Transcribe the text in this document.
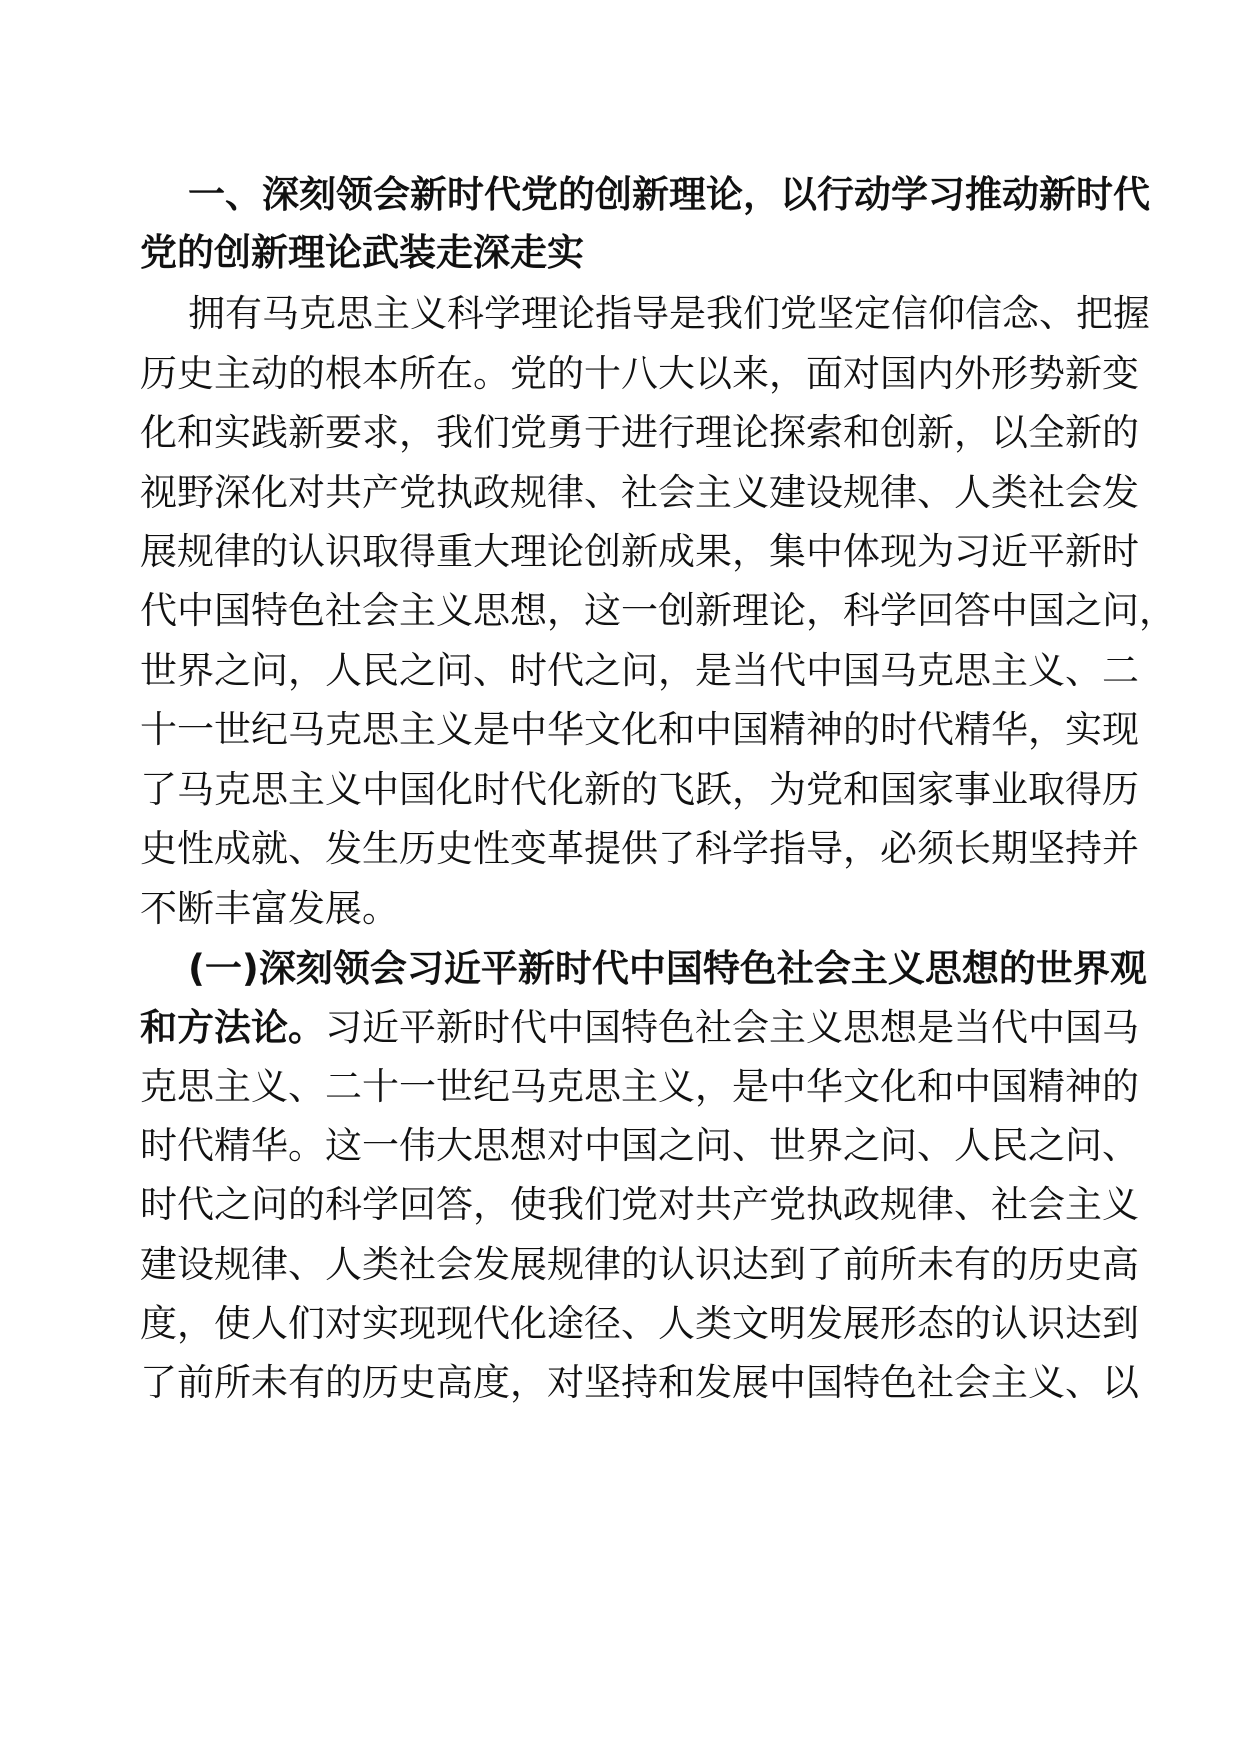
一、深刻领会新时代党的创新理论，以行动学习推动新时代
党的创新理论武装走深走实
拥有马克思主义科学理论指导是我们党坚定信仰信念、把握
历史主动的根本所在。党的十八大以来，面对国内外形势新变
化和实践新要求，我们党勇于进行理论探索和创新，以全新的
视野深化对共产党执政规律、社会主义建设规律、人类社会发
展规律的认识取得重大理论创新成果，集中体现为习近平新时
代中国特色社会主义思想，这一创新理论，科学回答中国之问，
世界之问，人民之问、时代之问，是当代中国马克思主义、二
十一世纪马克思主义是中华文化和中国精神的时代精华，实现
了马克思主义中国化时代化新的飞跃，为党和国家事业取得历
史性成就、发生历史性变革提供了科学指导，必须长期坚持并
不断丰富发展。
(一)深刻领会习近平新时代中国特色社会主义思想的世界观
和方法论。习近平新时代中国特色社会主义思想是当代中国马
克思主义、二十一世纪马克思主义，是中华文化和中国精神的
时代精华。这一伟大思想对中国之问、世界之问、人民之问、
时代之问的科学回答，使我们党对共产党执政规律、社会主义
建设规律、人类社会发展规律的认识达到了前所未有的历史高
度，使人们对实现现代化途径、人类文明发展形态的认识达到
了前所未有的历史高度，对坚持和发展中国特色社会主义、以
